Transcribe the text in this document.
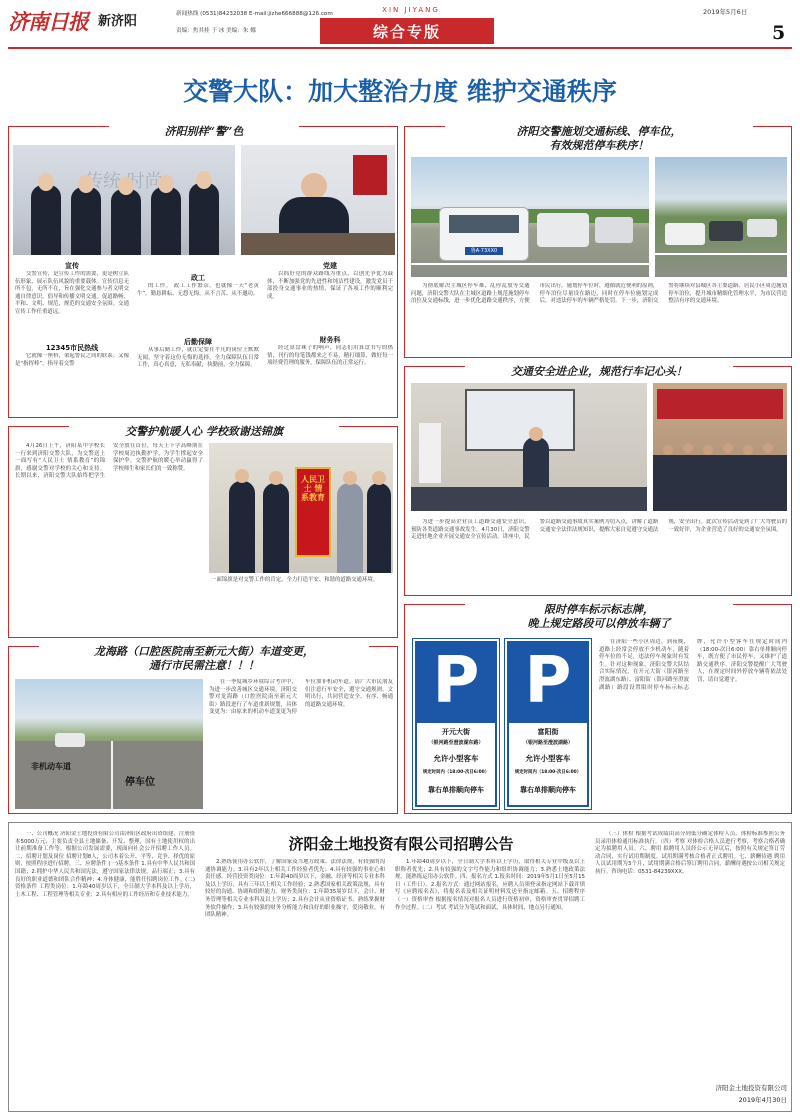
济南日报 新济阳	新闻热线 (0531)84232038 E-mail:jizhe666888@126.com
责编：焦其桂 于 冰 美编：朱 娜
XIN JIYANG
综合专版
2019年5月6日
5
交警大队：加大整治力度 维护交通秩序
济阳别样“警”色
传统 时尚
宣传

交警宣传，是宣传工作的需要，更是树立队伍形象、展示队伍风貌的重要载体。宣传信息无所不包，无所不在，旨在强化交通参与者文明交通自律意识，倡导和传播文明交通。促道路畅、平和、文明、规范，规范的交通安全氛围。交通宣传工作任重道远。

12345市民热线

它就像一座桥，架起警民之间的联系；又像是“指挥棒”，指导着交警

政工

的工作。 政工工作繁杂，也就像一天“老黄牛”，勤恳耕耘、无怨无悔，从不言苦、从不邀功。

后勤保障

从事后勤工作，就注定要在平凡的岗位上默默无闻，坚守着这份无悔的选择。全力保障队伍日常工作，真心真意，无私奉献，执勤前，全力保障。

党建

以抓好党的群众路线为重点，以创先争优为载体，不断加强党的先进性和纯洁性建设，激发党员干部投身交通事业的热情，保证了各项工作的顺利完成。

财务科

经过算盘珠子的响声，同志们用算盘书写的热情，刊行的每笔钱都来之不易，精打细算，做好每一项经费管理的服务，保障队伍的正常运行。

济阳交警施划交通标线、停车位，
有效规范停车秩序！
鲁A·73XX0

为彻底解决主城区停车难、乱停乱放等交通问题，济阳交警大队在主城区道路上规范施划停车泊位及交通标线，进一步优化道路交通秩序，方便市民出行。施划停车位时，遵循就近便利的原则，停车泊位尽量设在路边，同时在停车位施划完成后，对违法停车的车辆严格处罚。下一步，济阳交警将继续对县城区各主要道路、居民小区周边施划停车泊位，提升城市精细化管理水平，为市民营造整洁有序的交通环境。

交通安全进企业，规范行车记心头！

为进一步提高企业员工道路交通安全意识，预防各类道路交通事故发生，4月30日，济阳交警走进驻地企业开展交通安全宣传活动。讲座中，民警以道路交通事故真实案例为切入点，讲解了道路交通安全法律法规知识，提醒大家自觉遵守交通法规，安全出行。此次宣传活动受到了广大驾驶员的一致好评，为企业营造了良好的交通安全氛围。

交警护航暖人心 学校致谢送锦旗

4月26日上午，济阳某中学校长一行来到济阳交警大队，为交警送上一面写有“人民卫士 情系教育”的锦旗，感谢交警对学校的关心和支持。长期以来，济阳交警大队始终把学生安全放在首位，每天上下学高峰期在学校周边执勤护学，为学生撑起安全保护伞。交警护航的暖心举动赢得了学校师生和家长们的一致称赞。

人民卫士 情系教育
一面锦旗是对交警工作的肯定，全力打造平安、和谐的道路交通环境。
龙海路（口腔医院南至新元大街）车道变更，
通行市民需注意！！！
非机动车道
停车位

在一季度城乡环境综合考评中，为进一步改善城区交通环境，济阳交警对龙海路（口腔医院南至新元大街）路段进行了车道重新规划，具体变更为：由原来的机动车道变更为停车位加非机动车道。请广大市民朋友们注意行车安全，遵守交通规则，文明出行，共同营造安全、有序、畅通的道路交通环境。

限时停车标示标志牌，
晚上规定路段可以停放车辆了
P
开元大街
（银河路至澄波湖东路）
允许小型客车
规定时间内（18:00-次日6:00）
靠右单排顺向停车
P
富阳街
（银河路至澄波湖路）
允许小型客车
规定时间内（18:00-次日6:00）
靠右单排顺向停车

在济阳一些小区周边，到夜晚，道路上经常会停放不少机动车，随着停车位的不足，违法停车现象时有发生。针对这种现象，济阳交警大队结合实际情况，在开元大街（银河路至澄波湖东路）、富阳街（银河路至澄波湖路）路段设置限时停车标示标志牌，允许小型客车在规定时间内（18:00-次日6:00）靠右单排顺向停车，既方便了市民停车，又维护了道路交通秩序。济阳交警提醒广大驾驶人，在规定时间外停放车辆将依法处罚，请自觉遵守。

济阳金土地投资有限公司招聘公告

一、公司概况 济阳金土地投资有限公司由济阳区政府出资组建，注册资本5000万元，主要负责全县土地储备、开发、整理，国有土地使用权的出让前期准备工作等。根据公司发展需要，现面向社会公开招聘工作人员。二、招聘计划及岗位 招聘计划8人，公司本着公开、平等、竞争、择优的原则，按照程序进行招聘。三、应聘条件 (一)基本条件 1.具有中华人民共和国国籍；2.拥护中华人民共和国宪法，遵守国家法律法规，品行端正；3.具有良好的职业道德和团队合作精神；4.身体健康，能胜任招聘岗位工作。(二)资格条件 工程类岗位：1.年龄40周岁以下，全日制大学本科及以上学历，土木工程、工程管理等相关专业；2.具有相应的工作经历和专业技术能力。

2.熟练使用办公软件，了解国家及当地方政策、法律法规，有较强的沟通协调能力；3.具有2年以上相关工作经验者优先；4.具有较强的事业心和责任感。经营投资类岗位：1.年龄40周岁以下，金融、经济等相关专业本科及以上学历，具有三年以上相关工作经验；2.熟悉国家相关政策法规，具有较好的沟通、协调和组织能力。财务类岗位：1.年龄35周岁以下，会计、财务管理等相关专业本科及以上学历；2.具有会计从业资格证书，熟练掌握财务软件操作；3.具有较强的财务分析能力和良好的职业操守，爱岗敬业，有团队精神。

1.年龄40周岁以下，全日制大学本科以上学历，取得相关专业中级及以上职称者优先；2.具有较强的文字写作能力和组织协调能力；3.熟悉土地政策法规，能熟练运用办公软件。四、报名方式 1.报名时间：2019年5月1日至5月15日（工作日）。2.报名方式：通过网站报名，应聘人员须登录指定网站下载并填写《应聘报名表》，将报名表及相关证明材料发送至指定邮箱。五、招聘程序 （一）资格审查 根据报名情况对报名人员进行资格初审，资格审查贯穿招聘工作全过程。（二）考试 考试分为笔试和面试，具体时间、地点另行通知。

（三）体检 根据考试成绩由高分到低分确定体检人员，体检标准参照公务员录用体检通用标准执行。（四）考察 对体检合格人员进行考察，考察合格者确定为拟聘用人员。六、聘用 拟聘用人员经公示无异议后，按照有关规定签订劳动合同，实行试用期制度。试用期满考核合格者正式聘用。七、薪酬待遇 聘用人员试用期为3个月，试用期满合格后签订聘用合同，薪酬待遇按公司相关规定执行。咨询电话：0531-84239XXX。

济阳金土地投资有限公司
2019年4月30日
